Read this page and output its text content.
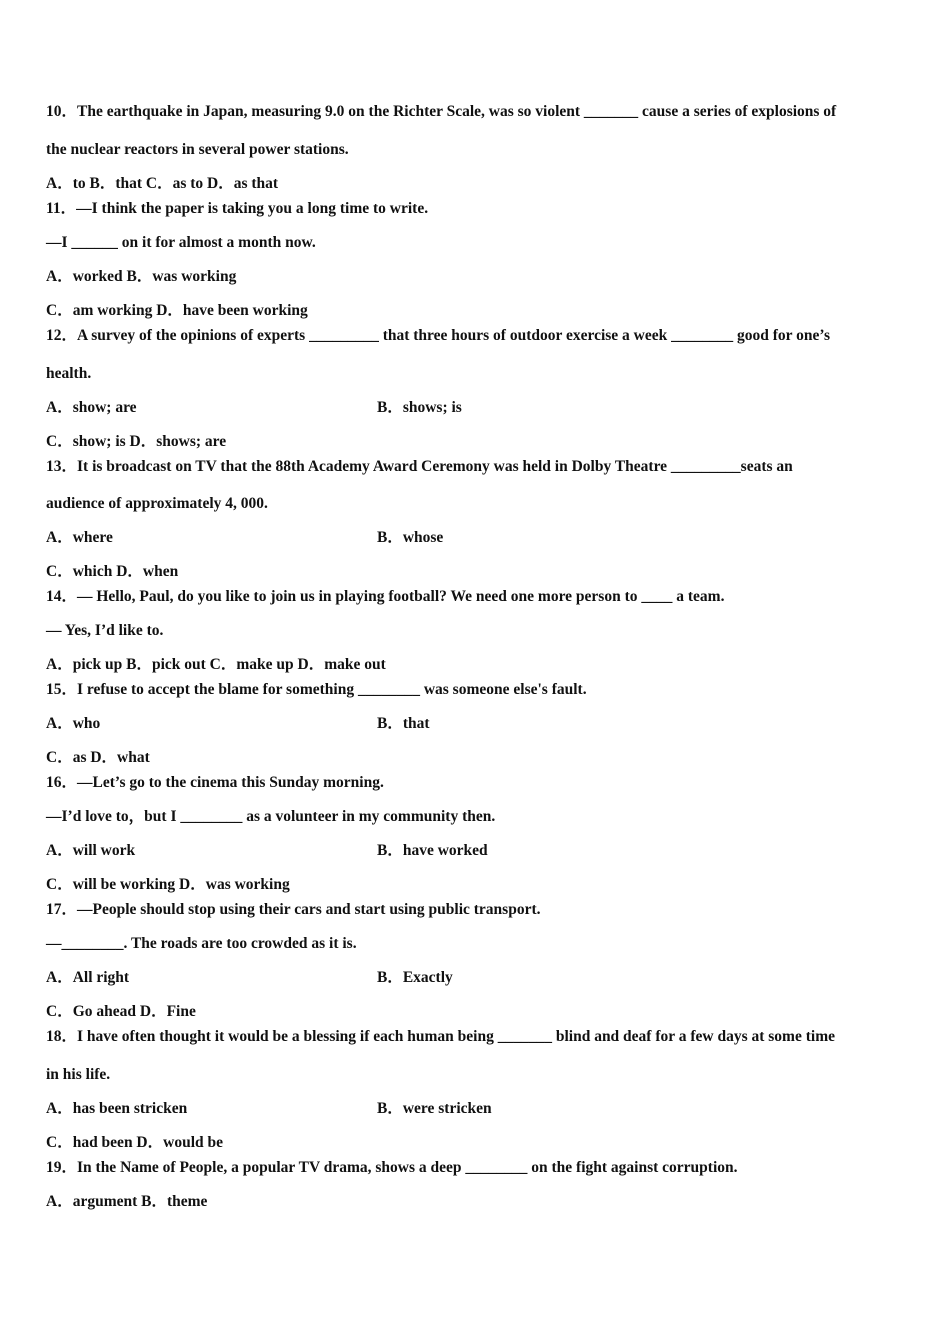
10．The earthquake in Japan, measuring 9.0 on the Richter Scale, was so violent _______ cause a series of explosions of
the nuclear reactors in several power stations.
A．to B．that C．as to D．as that
11．—I think the paper is taking you a long time to write.
—I ______ on it for almost a month now.
A．worked B．was working
C．am working D．have been working
12．A survey of the opinions of experts _________ that three hours of outdoor exercise a week ________ good for one’s
health.
A．show; are	B．shows; is
C．show; is D．shows; are
13．It is broadcast on TV that the 88th Academy Award Ceremony was held in Dolby Theatre _________seats an
audience of approximately 4, 000.
A．where	B．whose
C．which D．when
14．— Hello, Paul, do you like to join us in playing football? We need one more person to ____ a team.
— Yes, I’d like to.
A．pick up B．pick out C．make up D．make out
15．I refuse to accept the blame for something ________ was someone else's fault.
A．who	B．that
C．as D．what
16．—Let’s go to the cinema this Sunday morning.
—I’d love to，but I ________ as a volunteer in my community then.
A．will work	B．have worked
C．will be working D．was working
17．—People should stop using their cars and start using public transport.
—________. The roads are too crowded as it is.
A．All right	B．Exactly
C．Go ahead D．Fine
18．I have often thought it would be a blessing if each human being _______ blind and deaf for a few days at some time
in his life.
A．has been stricken	B．were stricken
C．had been D．would be
19．In the Name of People, a popular TV drama, shows a deep ________ on the fight against corruption.
A．argument B．theme
